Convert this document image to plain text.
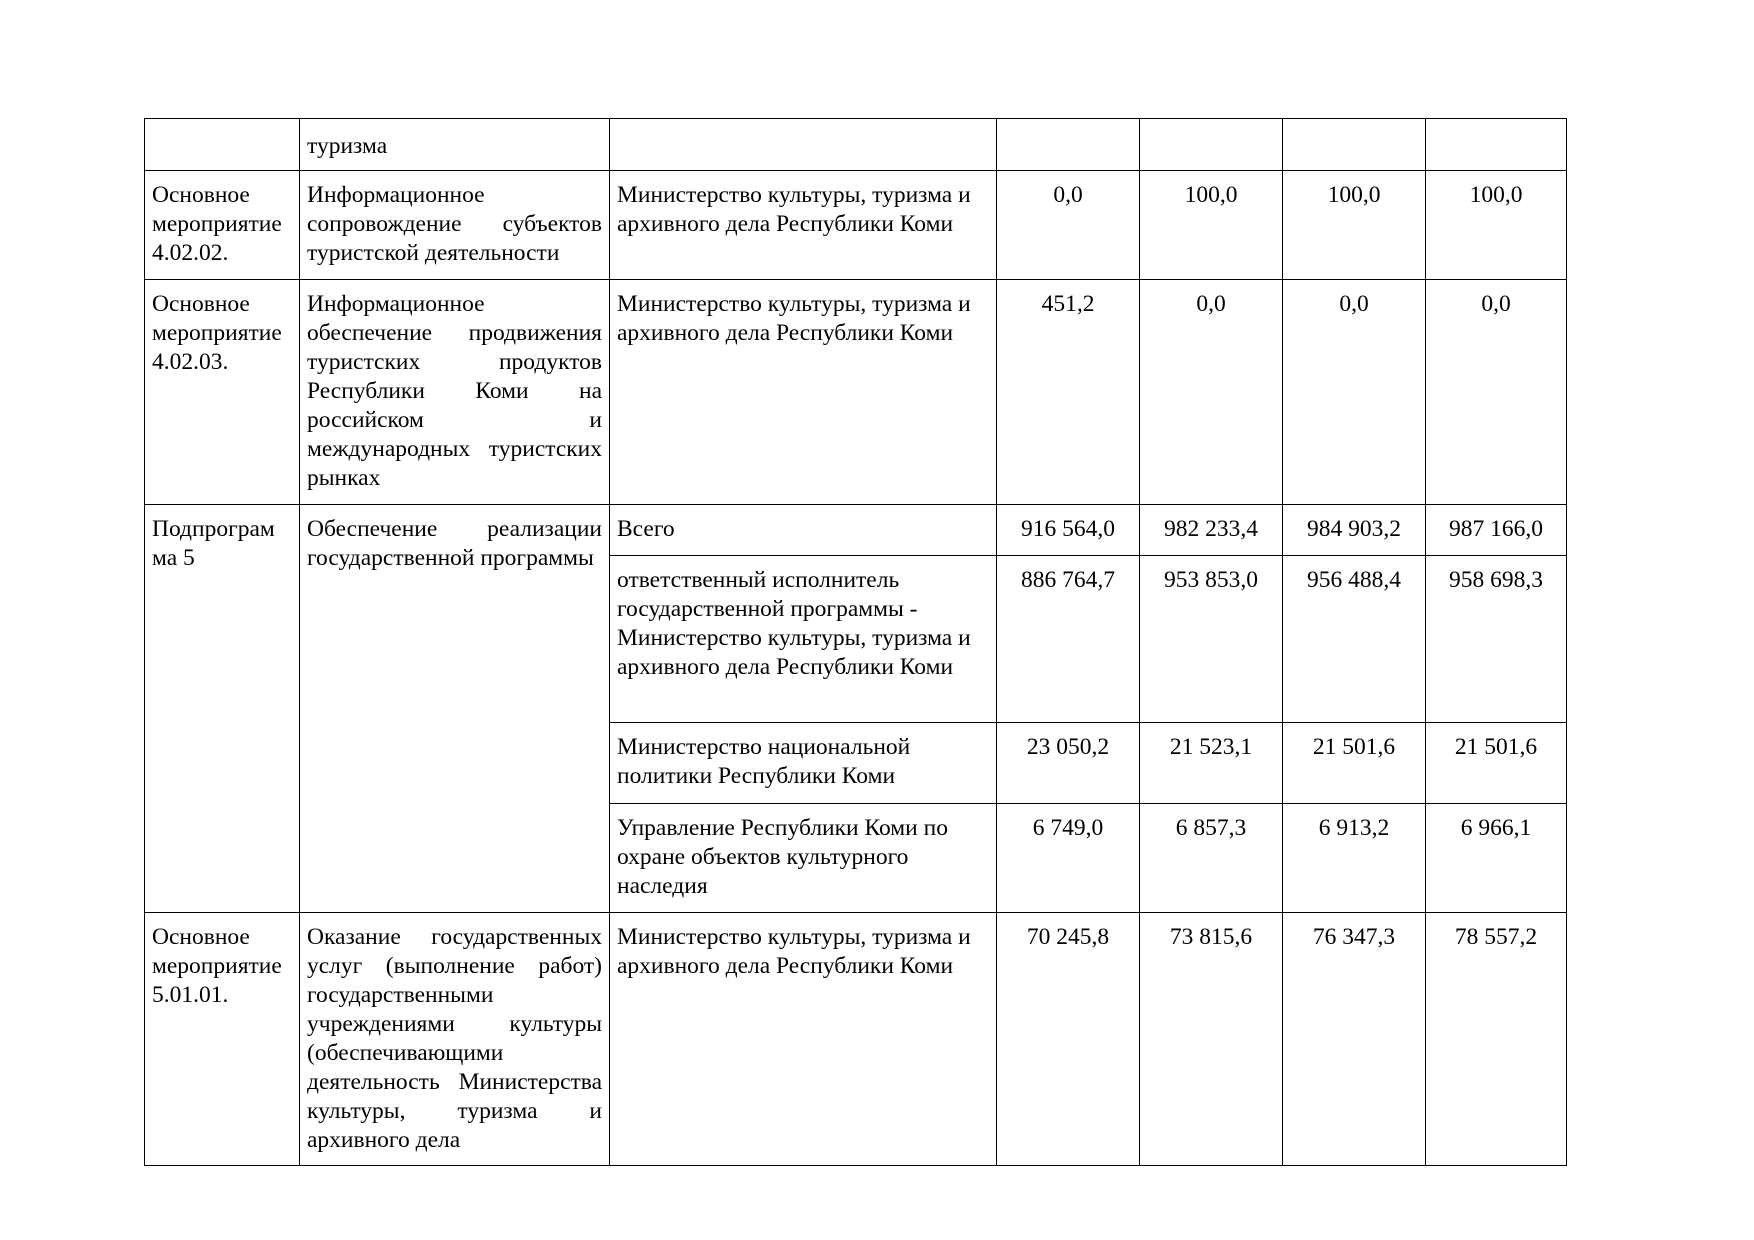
	туризма					
Основное мероприятие 4.02.02.	Информационное сопровождение субъектов туристской деятельности	Министерство культуры, туризма и архивного дела Республики Коми	0,0	100,0	100,0	100,0
Основное мероприятие 4.02.03.	Информационное обеспечение продвижения туристских продуктов Республики Коми на российском и международных туристских рынках	Министерство культуры, туризма и архивного дела Республики Коми	451,2	0,0	0,0	0,0
Подпрограм ма 5	Обеспечение реализации государственной программы	Всего	916 564,0	982 233,4	984 903,2	987 166,0
		ответственный исполнитель государственной программы - Министерство культуры, туризма и архивного дела Республики Коми	886 764,7	953 853,0	956 488,4	958 698,3
		Министерство национальной политики Республики Коми	23 050,2	21 523,1	21 501,6	21 501,6
		Управление Республики Коми по охране объектов культурного наследия	6 749,0	6 857,3	6 913,2	6 966,1
Основное мероприятие 5.01.01.	Оказание государственных услуг (выполнение работ) государственными учреждениями культуры (обеспечивающими деятельность Министерства культуры, туризма и архивного дела	Министерство культуры, туризма и архивного дела Республики Коми	70 245,8	73 815,6	76 347,3	78 557,2
